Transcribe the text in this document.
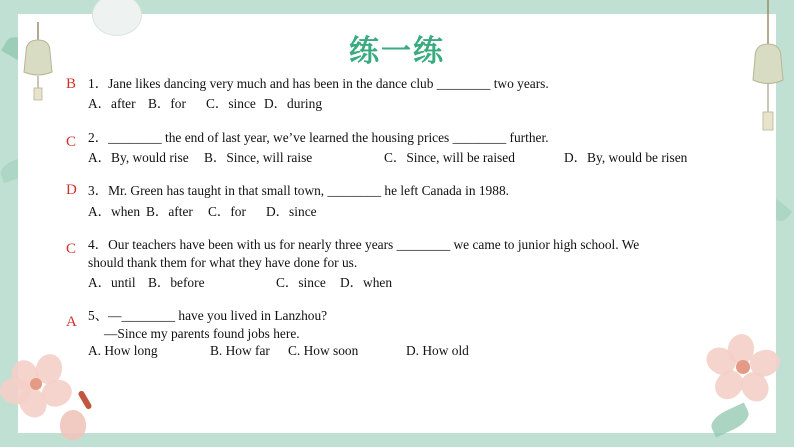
练一练
B 1．Jane likes dancing very much and has been in the dance club ________ two years.
A．after B．for C．since D．during
C 2．________ the end of last year, we’ve learned the housing prices ________ further.
A．By, would rise B．Since, will raise	C．Since, will be raised	D．By, would be risen
D 3．Mr. Green has taught in that small town, ________ he left Canada in 1988.
A．when B．after C．for D．since
C 4．Our teachers have been with us for nearly three years ________ we came to junior high school. We
should thank them for what they have done for us.
A．until B．before	C．since D．when
A 5、—________ have you lived in Lanzhou?
—Since my parents found jobs here.
A. How long	B. How far C. How soon	D. How old
